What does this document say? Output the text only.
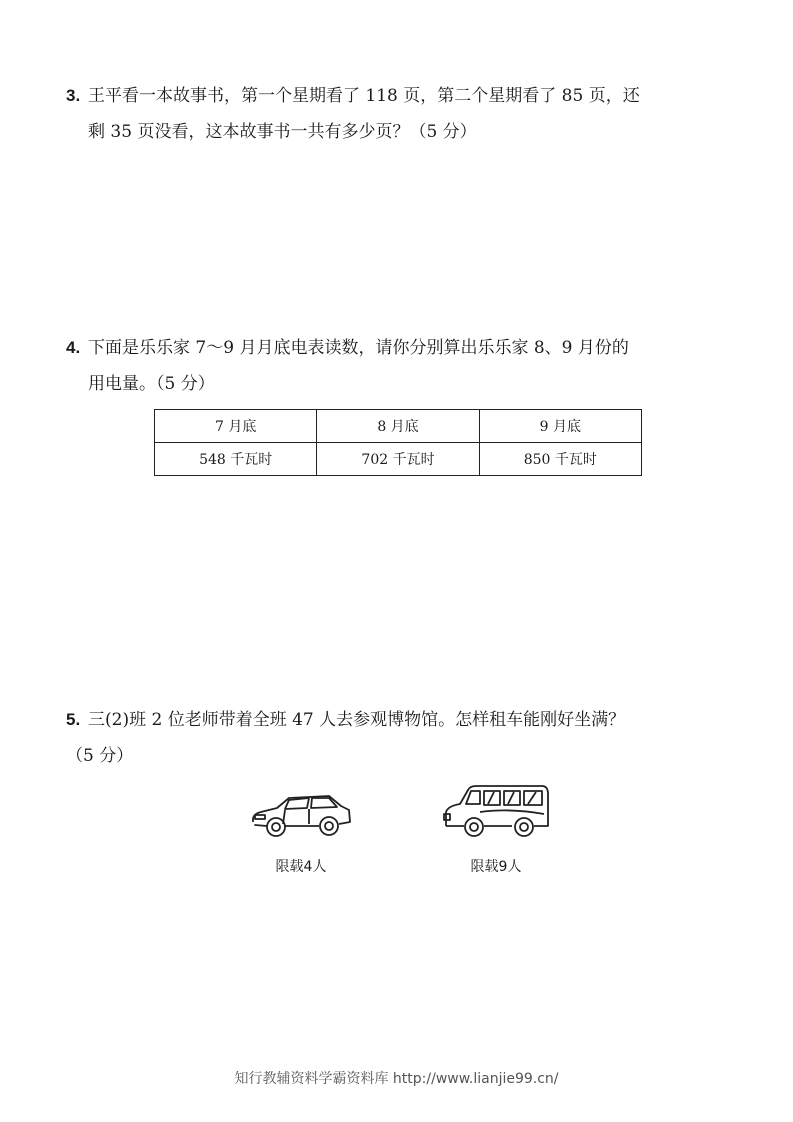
3. 王平看一本故事书，第一个星期看了 118 页，第二个星期看了 85 页，还
剩 35 页没看，这本故事书一共有多少页？（5 分）
4. 下面是乐乐家 7～9 月月底电表读数，请你分别算出乐乐家 8、9 月份的
用电量。（5 分）
7 月底	8 月底	9 月底
548 千瓦时	702 千瓦时	850 千瓦时
5. 三(2)班 2 位老师带着全班 47 人去参观博物馆。怎样租车能刚好坐满？
（5 分）
限载4人	限载9人
知行教辅资料学霸资料库 http://www.lianjie99.cn/
